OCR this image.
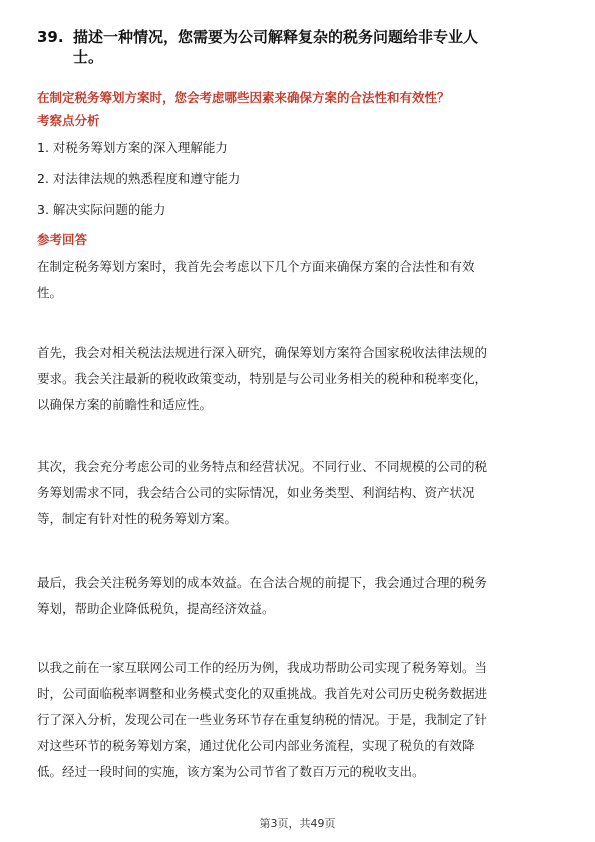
39. 描述一种情况，您需要为公司解释复杂的税务问题给非专业人
士。
在制定税务筹划方案时，您会考虑哪些因素来确保方案的合法性和有效性？
考察点分析
1. 对税务筹划方案的深入理解能力
2. 对法律法规的熟悉程度和遵守能力
3. 解决实际问题的能力
参考回答
在制定税务筹划方案时，我首先会考虑以下几个方面来确保方案的合法性和有效
性。
首先，我会对相关税法法规进行深入研究，确保筹划方案符合国家税收法律法规的
要求。我会关注最新的税收政策变动，特别是与公司业务相关的税种和税率变化，
以确保方案的前瞻性和适应性。
其次，我会充分考虑公司的业务特点和经营状况。不同行业、不同规模的公司的税
务筹划需求不同，我会结合公司的实际情况，如业务类型、利润结构、资产状况
等，制定有针对性的税务筹划方案。
最后，我会关注税务筹划的成本效益。在合法合规的前提下，我会通过合理的税务
筹划，帮助企业降低税负，提高经济效益。
以我之前在一家互联网公司工作的经历为例，我成功帮助公司实现了税务筹划。当
时，公司面临税率调整和业务模式变化的双重挑战。我首先对公司历史税务数据进
行了深入分析，发现公司在一些业务环节存在重复纳税的情况。于是，我制定了针
对这些环节的税务筹划方案，通过优化公司内部业务流程，实现了税负的有效降
低。经过一段时间的实施，该方案为公司节省了数百万元的税收支出。
第3页，共49页
